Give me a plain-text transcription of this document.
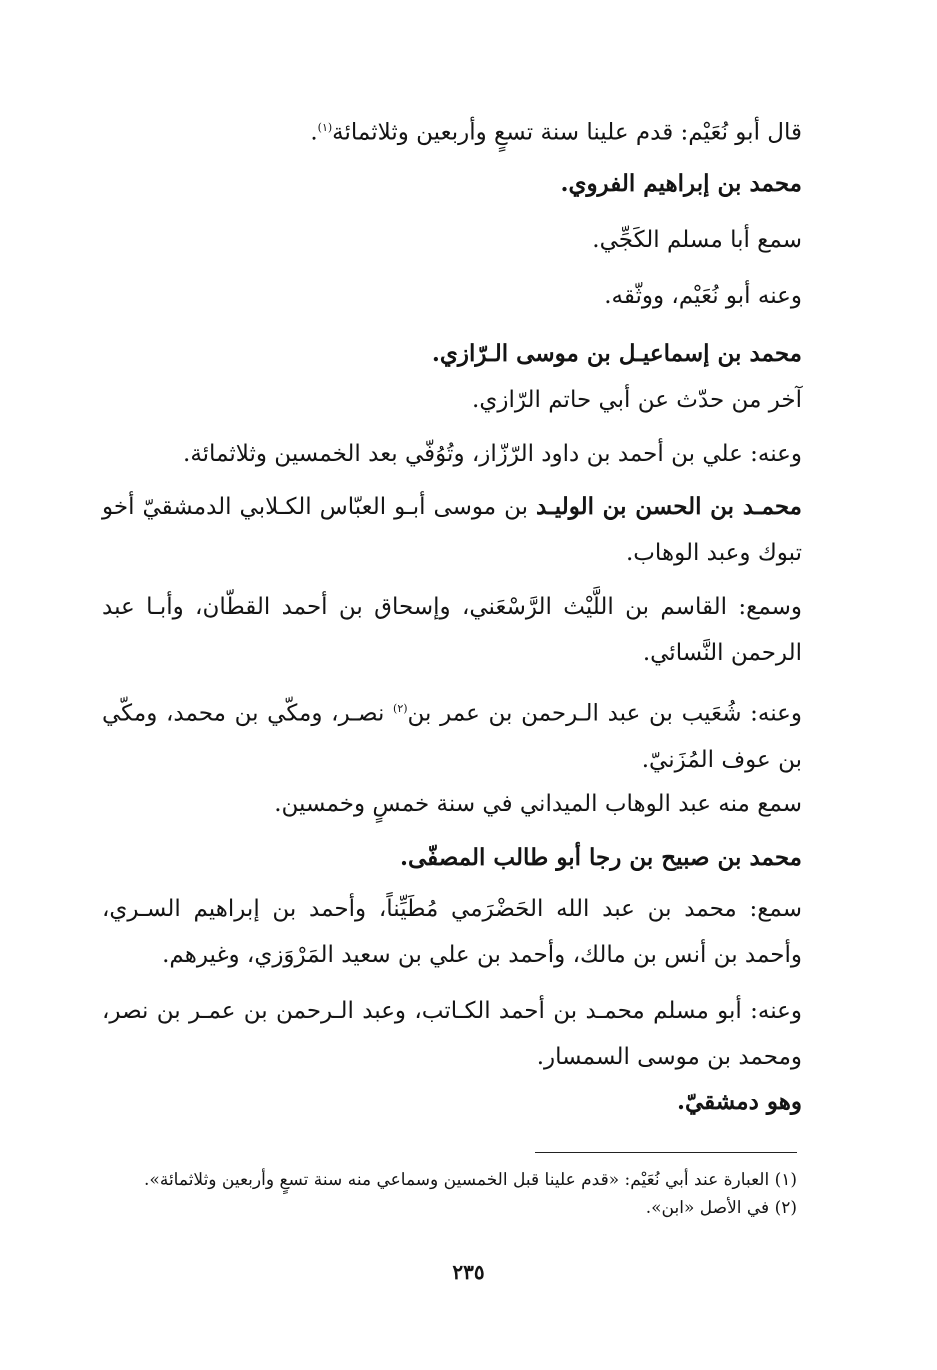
قال أبو نُعَيْم: قدم علينا سنة تسعٍ وأربعين وثلاثمائة$^{(١)}$.
محمد بن إبراهيم الفروي.
سمع أبا مسلم الكَجِّي.
وعنه أبو نُعَيْم، ووثّقه.
محمد بن إسماعيـل بن موسى الـرّازي.
آخر من حدّث عن أبي حاتم الرّازي.
وعنه: علي بن أحمد بن داود الرّزّاز، وتُوُفّي بعد الخمسين وثلاثمائة.
محمـد بن الحسن بن الوليـد بن موسى أبـو العبّاس الكـلابي الدمشقيّ أخو تبوك وعبد الوهاب.
وسمع: القاسم بن اللَّيْث الرَّسْعَني، وإسحاق بن أحمد القطّان، وأبـا عبد الرحمن النَّسائي.
وعنه: شُعَيب بن عبد الـرحمن بن عمر بن$^{(٢)}$ نصـر، ومكّي بن محمد، ومكّي بن عوف المُزَنيّ.
سمع منه عبد الوهاب الميداني في سنة خمسٍ وخمسين.
محمد بن صبيح بن رجا أبو طالب المصفّى.
سمع: محمد بن عبد الله الحَضْرَمي مُطَيِّناً، وأحمد بن إبراهيم السـري، وأحمد بن أنس بن مالك، وأحمد بن علي بن سعيد المَرْوَزي، وغيرهم.
وعنه: أبو مسلم محمـد بن أحمد الكـاتب، وعبد الـرحمن بن عمـر بن نصر، ومحمد بن موسى السمسار.
وهو دمشقيّ.
(١) العبارة عند أبي نُعَيْم: «قدم علينا قبل الخمسين وسماعي منه سنة تسعٍ وأربعين وثلاثمائة».
(٢) في الأصل «ابن».
٢٣٥
